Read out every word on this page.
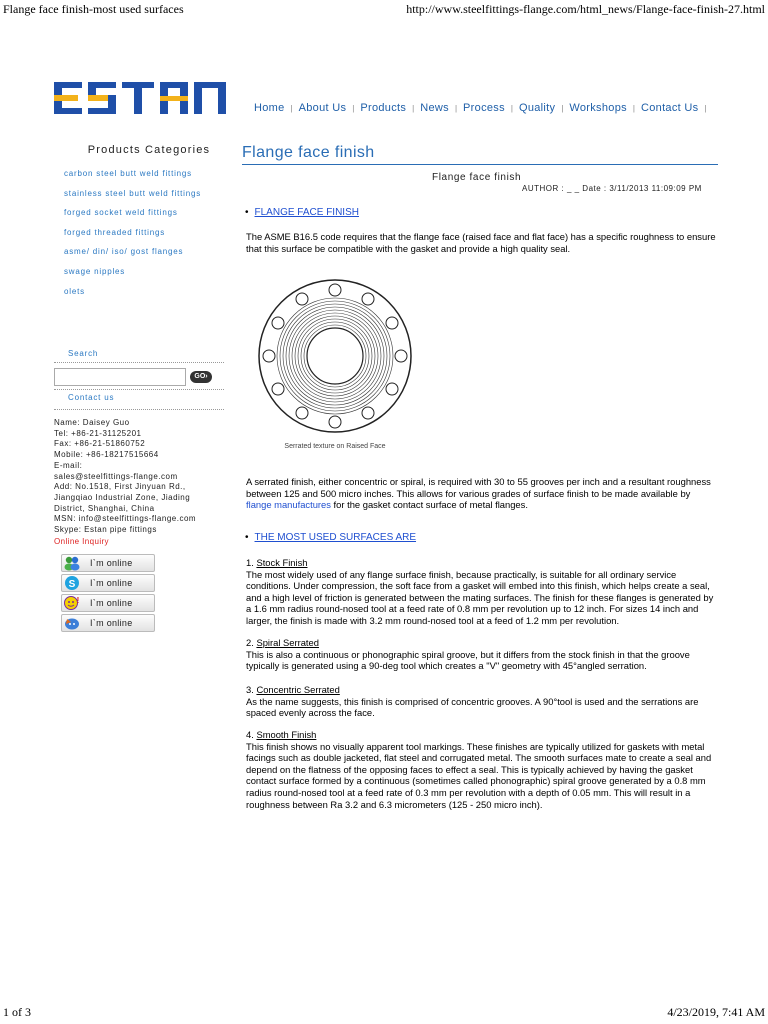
Flange face finish-most used surfaces	http://www.steelfittings-flange.com/html_news/Flange-face-finish-27.html
1 of 3	4/23/2019, 7:41 AM
Home | About Us | Products | News | Process | Quality | Workshops | Contact Us |
Products Categories
carbon steel butt weld fittings
stainless steel butt weld fittings
forged socket weld fittings
forged threaded fittings
asme/ din/ iso/ gost flanges
swage nipples
olets
Search
GO›
Contact us
Name: Daisey Guo
Tel: +86-21-31125201
Fax: +86-21-51860752
Mobile: +86-18217515664
E-mail:
sales@steelfittings-flange.com
Add: No.1518, First Jinyuan Rd.,
Jiangqiao Industrial Zone, Jiading
District, Shanghai, China
MSN: info@steelfittings-flange.com
Skype: Estan pipe fittings
Online Inquiry
I`m online
S I`m online
! I`m online
I`m online
Flange face finish
Flange face finish
AUTHOR : _ _ Date : 3/11/2013 11:09:09 PM
• FLANGE FACE FINISH
The ASME B16.5 code requires that the flange face (raised face and flat face) has a specific roughness to ensure that this surface be compatible with the gasket and provide a high quality seal.
Serrated texture on Raised Face
A serrated finish, either concentric or spiral, is required with 30 to 55 grooves per inch and a resultant roughness between 125 and 500 micro inches. This allows for various grades of surface finish to be made available by flange manufactures for the gasket contact surface of metal flanges.
• THE MOST USED SURFACES ARE
1. Stock Finish
The most widely used of any flange surface finish, because practically, is suitable for all ordinary service conditions. Under compression, the soft face from a gasket will embed into this finish, which helps create a seal, and a high level of friction is generated between the mating surfaces. The finish for these flanges is generated by a 1.6 mm radius round-nosed tool at a feed rate of 0.8 mm per revolution up to 12 inch. For sizes 14 inch and larger, the finish is made with 3.2 mm round-nosed tool at a feed of 1.2 mm per revolution.
2. Spiral Serrated
This is also a continuous or phonographic spiral groove, but it differs from the stock finish in that the groove typically is generated using a 90-deg tool which creates a "V" geometry with 45°angled serration.
3. Concentric Serrated
As the name suggests, this finish is comprised of concentric grooves. A 90°tool is used and the serrations are spaced evenly across the face.
4. Smooth Finish
This finish shows no visually apparent tool markings. These finishes are typically utilized for gaskets with metal facings such as double jacketed, flat steel and corrugated metal. The smooth surfaces mate to create a seal and depend on the flatness of the opposing faces to effect a seal. This is typically achieved by having the gasket contact surface formed by a continuous (sometimes called phonographic) spiral groove generated by a 0.8 mm radius round-nosed tool at a feed rate of 0.3 mm per revolution with a depth of 0.05 mm. This will result in a roughness between Ra 3.2 and 6.3 micrometers (125 - 250 micro inch).
